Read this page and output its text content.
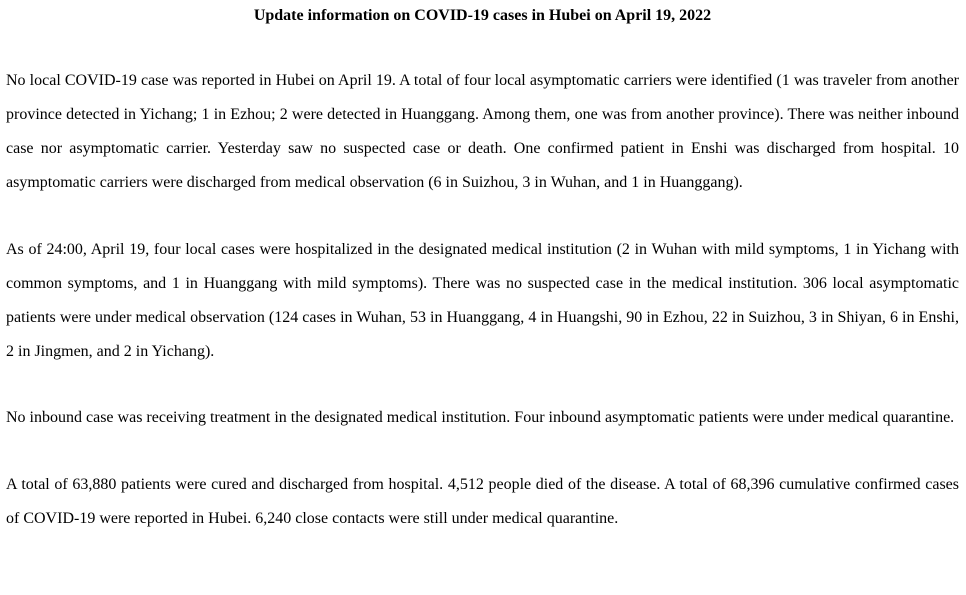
Update information on COVID-19 cases in Hubei on April 19, 2022

No local COVID-19 case was reported in Hubei on April 19. A total of four local asymptomatic carriers were identified (1 was traveler from another province detected in Yichang; 1 in Ezhou; 2 were detected in Huanggang. Among them, one was from another province). There was neither inbound case nor asymptomatic carrier. Yesterday saw no suspected case or death. One confirmed patient in Enshi was discharged from hospital. 10 asymptomatic carriers were discharged from medical observation (6 in Suizhou, 3 in Wuhan, and 1 in Huanggang).

As of 24:00, April 19, four local cases were hospitalized in the designated medical institution (2 in Wuhan with mild symptoms, 1 in Yichang with common symptoms, and 1 in Huanggang with mild symptoms). There was no suspected case in the medical institution. 306 local asymptomatic patients were under medical observation (124 cases in Wuhan, 53 in Huanggang, 4 in Huangshi, 90 in Ezhou, 22 in Suizhou, 3 in Shiyan, 6 in Enshi, 2 in Jingmen, and 2 in Yichang).

No inbound case was receiving treatment in the designated medical institution. Four inbound asymptomatic patients were under medical quarantine.

A total of 63,880 patients were cured and discharged from hospital. 4,512 people died of the disease. A total of 68,396 cumulative confirmed cases of COVID-19 were reported in Hubei. 6,240 close contacts were still under medical quarantine.
